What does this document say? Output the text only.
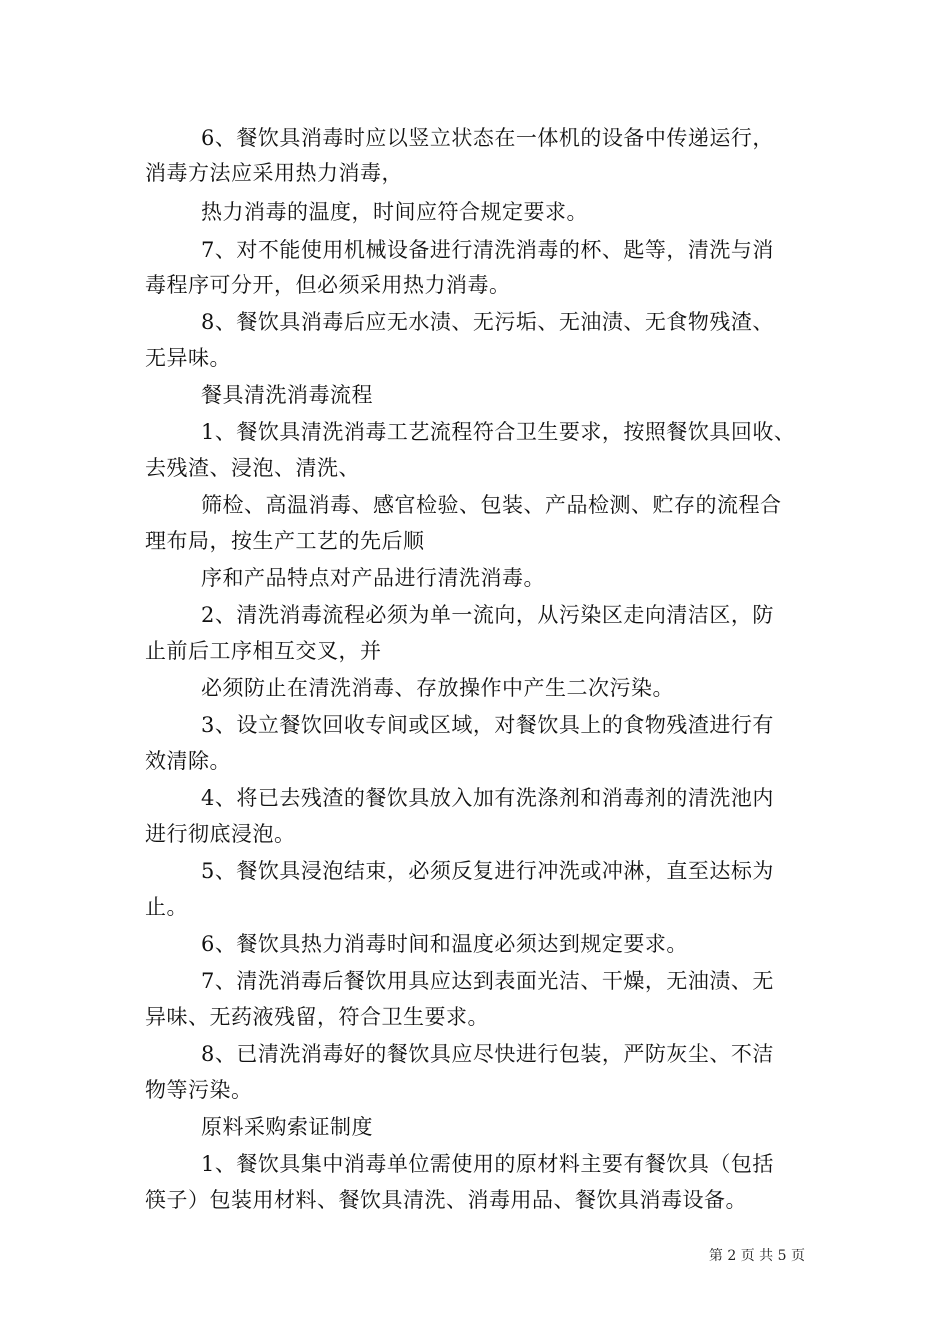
6、餐饮具消毒时应以竖立状态在一体机的设备中传递运行，
消毒方法应采用热力消毒，
热力消毒的温度，时间应符合规定要求。
7、对不能使用机械设备进行清洗消毒的杯、匙等，清洗与消
毒程序可分开，但必须采用热力消毒。
8、餐饮具消毒后应无水渍、无污垢、无油渍、无食物残渣、
无异味。
餐具清洗消毒流程
1、餐饮具清洗消毒工艺流程符合卫生要求，按照餐饮具回收、
去残渣、浸泡、清洗、
筛检、高温消毒、感官检验、包装、产品检测、贮存的流程合
理布局，按生产工艺的先后顺
序和产品特点对产品进行清洗消毒。
2、清洗消毒流程必须为单一流向，从污染区走向清洁区，防
止前后工序相互交叉，并
必须防止在清洗消毒、存放操作中产生二次污染。
3、设立餐饮回收专间或区域，对餐饮具上的食物残渣进行有
效清除。
4、将已去残渣的餐饮具放入加有洗涤剂和消毒剂的清洗池内
进行彻底浸泡。
5、餐饮具浸泡结束，必须反复进行冲洗或冲淋，直至达标为
止。
6、餐饮具热力消毒时间和温度必须达到规定要求。
7、清洗消毒后餐饮用具应达到表面光洁、干燥，无油渍、无
异味、无药液残留，符合卫生要求。
8、已清洗消毒好的餐饮具应尽快进行包装，严防灰尘、不洁
物等污染。
原料采购索证制度
1、餐饮具集中消毒单位需使用的原材料主要有餐饮具（包括
筷子）包装用材料、餐饮具清洗、消毒用品、餐饮具消毒设备。
第 2 页 共 5 页
